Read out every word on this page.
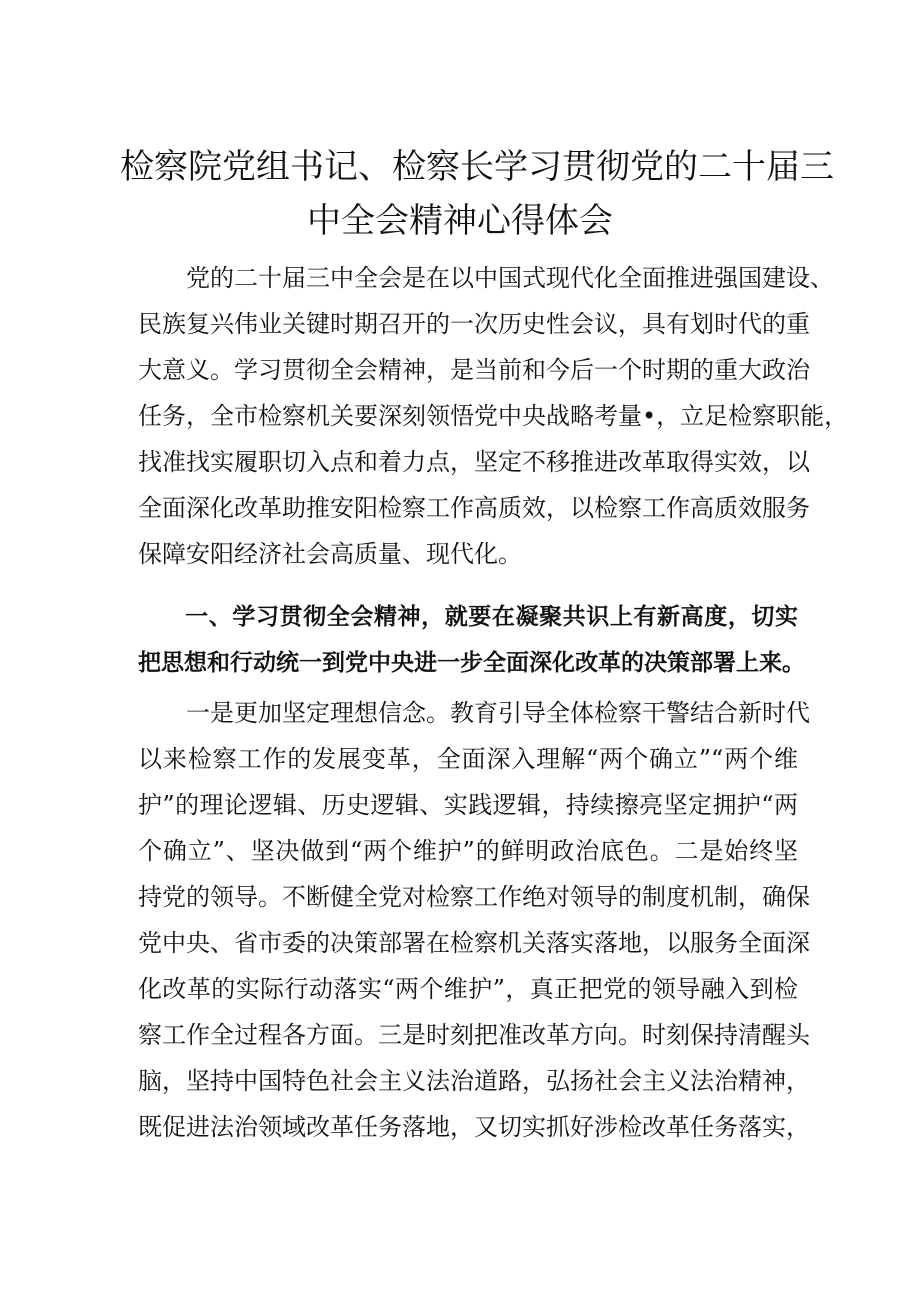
检察院党组书记、检察长学习贯彻党的二十届三
中全会精神心得体会
　　党的二十届三中全会是在以中国式现代化全面推进强国建设、
民族复兴伟业关键时期召开的一次历史性会议，具有划时代的重
大意义。学习贯彻全会精神，是当前和今后一个时期的重大政治
任务，全市检察机关要深刻领悟党中央战略考量•，立足检察职能，
找准找实履职切入点和着力点，坚定不移推进改革取得实效，以
全面深化改革助推安阳检察工作高质效，以检察工作高质效服务
保障安阳经济社会高质量、现代化。
　　一、学习贯彻全会精神，就要在凝聚共识上有新高度，切实
把思想和行动统一到党中央进一步全面深化改革的决策部署上来。
　　一是更加坚定理想信念。教育引导全体检察干警结合新时代
以来检察工作的发展变革，全面深入理解“两个确立”“两个维
护”的理论逻辑、历史逻辑、实践逻辑，持续擦亮坚定拥护“两
个确立”、坚决做到“两个维护”的鲜明政治底色。二是始终坚
持党的领导。不断健全党对检察工作绝对领导的制度机制，确保
党中央、省市委的决策部署在检察机关落实落地，以服务全面深
化改革的实际行动落实“两个维护”，真正把党的领导融入到检
察工作全过程各方面。三是时刻把准改革方向。时刻保持清醒头
脑，坚持中国特色社会主义法治道路，弘扬社会主义法治精神，
既促进法治领域改革任务落地，又切实抓好涉检改革任务落实，
